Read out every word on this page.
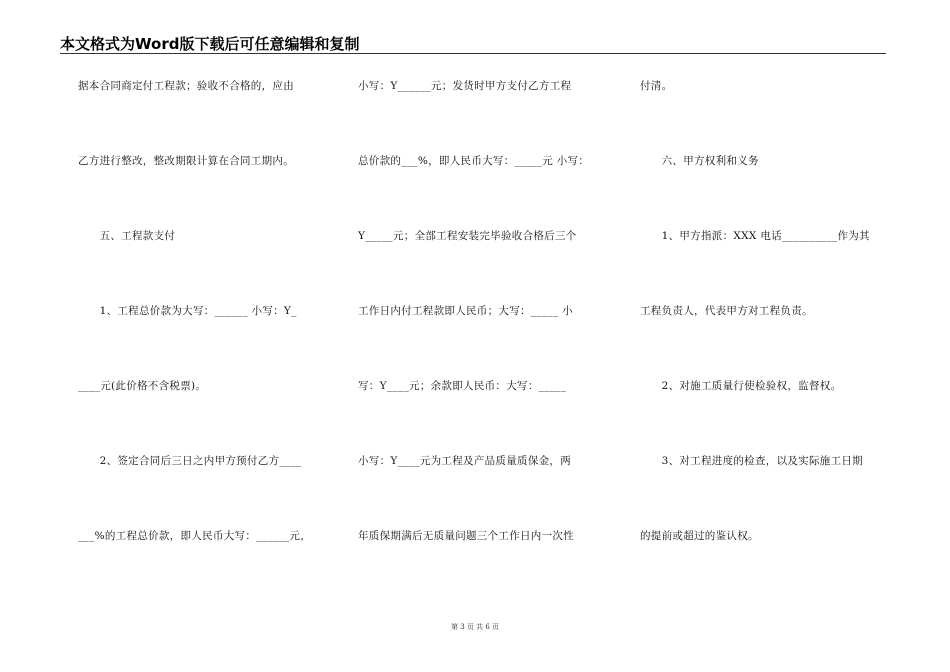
本文格式为Word版下载后可任意编辑和复制
据本合同商定付工程款；验收不合格的，应由
乙方进行整改，整改期限计算在合同工期内。
　　五、工程款支付
　　1、工程总价款为大写：______ 小写：Y_
____元(此价格不含税票)。
　　2、签定合同后三日之内甲方预付乙方____
___%的工程总价款，即人民币大写：______元，
小写：Y______元；发货时甲方支付乙方工程
总价款的___%，即人民币大写：_____元 小写：
Y_____元；全部工程安装完毕验收合格后三个
工作日内付工程款即人民币；大写：_____ 小
写：Y____元；余款即人民币：大写：_____
小写：Y____元为工程及产品质量质保金，两
年质保期满后无质量问题三个工作日内一次性
付清。
　　六、甲方权利和义务
　　1、甲方指派：XXX 电话__________作为其
工程负责人，代表甲方对工程负责。
　　2、对施工质量行使检验权，监督权。
　　3、对工程进度的检查，以及实际施工日期
的提前或超过的鉴认权。
第 3 页 共 6 页
